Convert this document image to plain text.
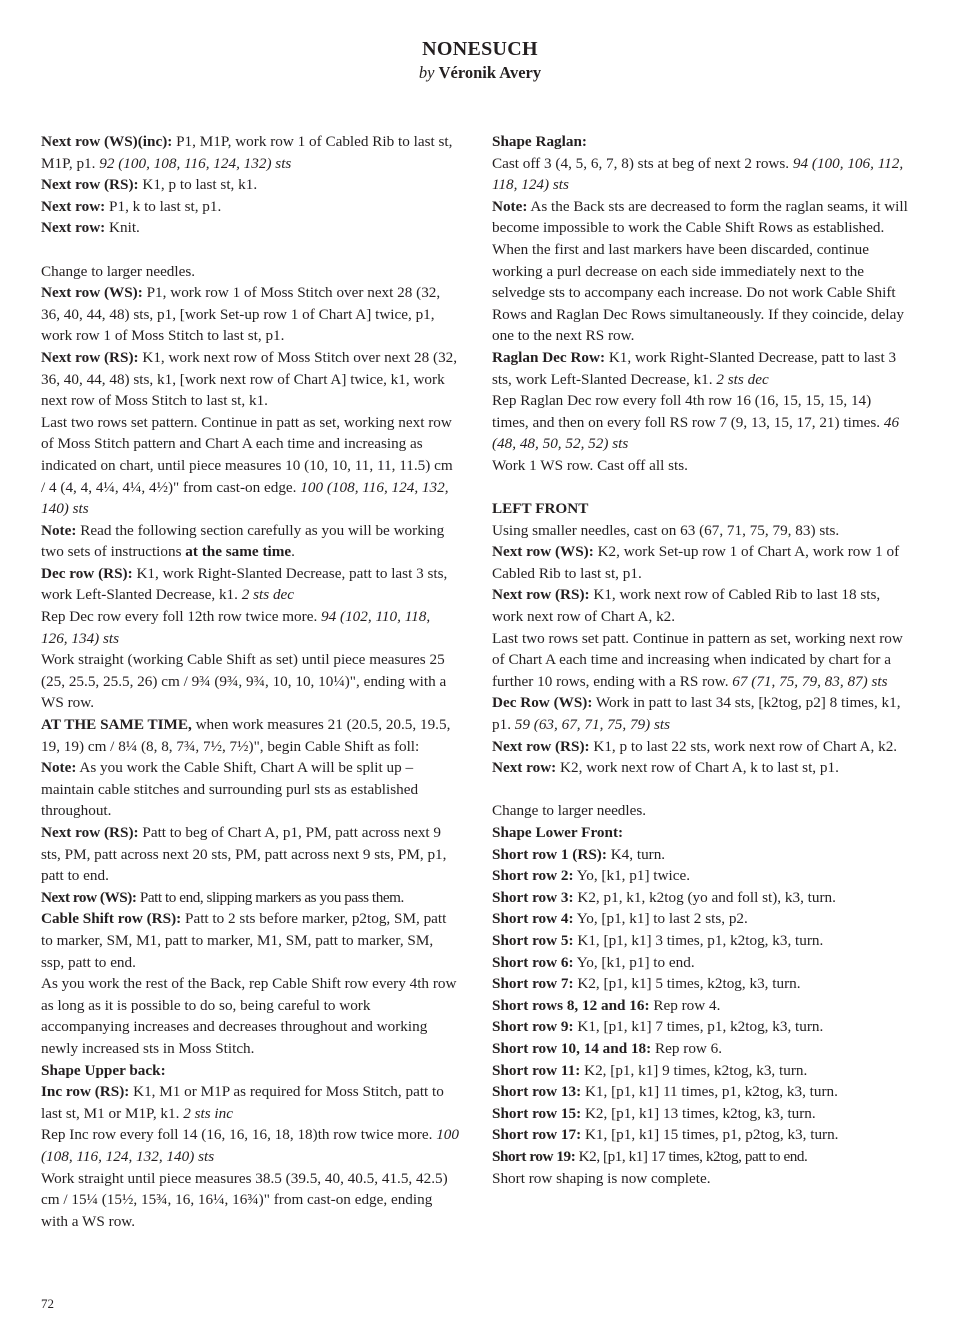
NONESUCH
by Véronik Avery

Next row (WS)(inc): P1, M1P, work row 1 of Cabled Rib to last st, M1P, p1. 92 (100, 108, 116, 124, 132) sts

Next row (RS): K1, p to last st, k1.

Next row: P1, k to last st, p1.

Next row: Knit.

Change to larger needles.

Next row (WS): P1, work row 1 of Moss Stitch over next 28 (32, 36, 40, 44, 48) sts, p1, [work Set-up row 1 of Chart A] twice, p1, work row 1 of Moss Stitch to last st, p1.

Next row (RS): K1, work next row of Moss Stitch over next 28 (32, 36, 40, 44, 48) sts, k1, [work next row of Chart A] twice, k1, work next row of Moss Stitch to last st, k1.

Last two rows set pattern. Continue in patt as set, working next row of Moss Stitch pattern and Chart A each time and increasing as indicated on chart, until piece measures 10 (10, 10, 11, 11, 11.5) cm / 4 (4, 4, 4¼, 4¼, 4½)" from cast-on edge. 100 (108, 116, 124, 132, 140) sts

Note: Read the following section carefully as you will be working two sets of instructions at the same time.

Dec row (RS): K1, work Right-Slanted Decrease, patt to last 3 sts, work Left-Slanted Decrease, k1. 2 sts dec

Rep Dec row every foll 12th row twice more. 94 (102, 110, 118, 126, 134) sts

Work straight (working Cable Shift as set) until piece measures 25 (25, 25.5, 25.5, 26) cm / 9¾ (9¾, 9¾, 10, 10, 10¼)", ending with a WS row.

AT THE SAME TIME, when work measures 21 (20.5, 20.5, 19.5, 19, 19) cm / 8¼ (8, 8, 7¾, 7½, 7½)", begin Cable Shift as foll:

Note: As you work the Cable Shift, Chart A will be split up – maintain cable stitches and surrounding purl sts as established throughout.

Next row (RS): Patt to beg of Chart A, p1, PM, patt across next 9 sts, PM, patt across next 20 sts, PM, patt across next 9 sts, PM, p1, patt to end.

Next row (WS): Patt to end, slipping markers as you pass them.

Cable Shift row (RS): Patt to 2 sts before marker, p2tog, SM, patt to marker, SM, M1, patt to marker, M1, SM, patt to marker, SM, ssp, patt to end.

As you work the rest of the Back, rep Cable Shift row every 4th row as long as it is possible to do so, being careful to work accompanying increases and decreases throughout and working newly increased sts in Moss Stitch.

Shape Upper back:

Inc row (RS): K1, M1 or M1P as required for Moss Stitch, patt to last st, M1 or M1P, k1. 2 sts inc

Rep Inc row every foll 14 (16, 16, 16, 18, 18)th row twice more. 100 (108, 116, 124, 132, 140) sts

Work straight until piece measures 38.5 (39.5, 40, 40.5, 41.5, 42.5) cm / 15¼ (15½, 15¾, 16, 16¼, 16¾)" from cast-on edge, ending with a WS row.

Shape Raglan:

Cast off 3 (4, 5, 6, 7, 8) sts at beg of next 2 rows. 94 (100, 106, 112, 118, 124) sts

Note: As the Back sts are decreased to form the raglan seams, it will become impossible to work the Cable Shift Rows as established. When the first and last markers have been discarded, continue working a purl decrease on each side immediately next to the selvedge sts to accompany each increase. Do not work Cable Shift Rows and Raglan Dec Rows simultaneously. If they coincide, delay one to the next RS row.

Raglan Dec Row: K1, work Right-Slanted Decrease, patt to last 3 sts, work Left-Slanted Decrease, k1. 2 sts dec

Rep Raglan Dec row every foll 4th row 16 (16, 15, 15, 15, 14) times, and then on every foll RS row 7 (9, 13, 15, 17, 21) times. 46 (48, 48, 50, 52, 52) sts

Work 1 WS row. Cast off all sts.

LEFT FRONT

Using smaller needles, cast on 63 (67, 71, 75, 79, 83) sts.

Next row (WS): K2, work Set-up row 1 of Chart A, work row 1 of Cabled Rib to last st, p1.

Next row (RS): K1, work next row of Cabled Rib to last 18 sts, work next row of Chart A, k2.

Last two rows set patt. Continue in pattern as set, working next row of Chart A each time and increasing when indicated by chart for a further 10 rows, ending with a RS row. 67 (71, 75, 79, 83, 87) sts

Dec Row (WS): Work in patt to last 34 sts, [k2tog, p2] 8 times, k1, p1. 59 (63, 67, 71, 75, 79) sts

Next row (RS): K1, p to last 22 sts, work next row of Chart A, k2.

Next row: K2, work next row of Chart A, k to last st, p1.

Change to larger needles.

Shape Lower Front:

Short row 1 (RS): K4, turn.

Short row 2: Yo, [k1, p1] twice.

Short row 3: K2, p1, k1, k2tog (yo and foll st), k3, turn.

Short row 4: Yo, [p1, k1] to last 2 sts, p2.

Short row 5: K1, [p1, k1] 3 times, p1, k2tog, k3, turn.

Short row 6: Yo, [k1, p1] to end.

Short row 7: K2, [p1, k1] 5 times, k2tog, k3, turn.

Short rows 8, 12 and 16: Rep row 4.

Short row 9: K1, [p1, k1] 7 times, p1, k2tog, k3, turn.

Short row 10, 14 and 18: Rep row 6.

Short row 11: K2, [p1, k1] 9 times, k2tog, k3, turn.

Short row 13: K1, [p1, k1] 11 times, p1, k2tog, k3, turn.

Short row 15: K2, [p1, k1] 13 times, k2tog, k3, turn.

Short row 17: K1, [p1, k1] 15 times, p1, p2tog, k3, turn.

Short row 19: K2, [p1, k1] 17 times, k2tog, patt to end.

Short row shaping is now complete.

72
